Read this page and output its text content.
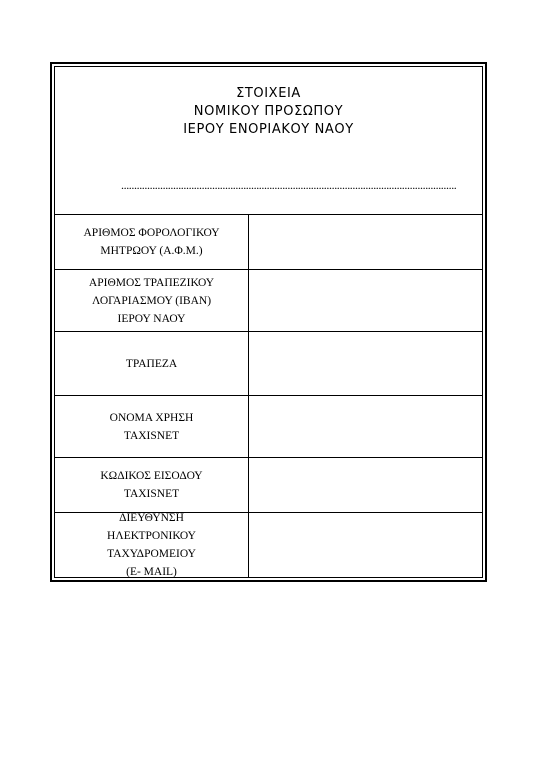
ΣΤΟΙΧΕΙΑ
ΝΟΜΙΚΟΥ ΠΡΟΣΩΠΟΥ
ΙΕΡΟΥ ΕΝΟΡΙΑΚΟΥ ΝΑΟΥ
.................................................................................................................................
ΑΡΙΘΜΟΣ ΦΟΡΟΛΟΓΙΚΟΥ
ΜΗΤΡΩΟΥ (Α.Φ.Μ.)
ΑΡΙΘΜΟΣ ΤΡΑΠΕΖΙΚΟΥ
ΛΟΓΑΡΙΑΣΜΟΥ (IBAN)
ΙΕΡΟΥ ΝΑΟΥ
ΤΡΑΠΕΖΑ
ΟΝΟΜΑ ΧΡΗΣΗ
TAXISNET
ΚΩΔΙΚΟΣ ΕΙΣΟΔΟΥ
TAXISNET
ΔΙΕΥΘΥΝΣΗ
ΗΛΕΚΤΡΟΝΙΚΟΥ
ΤΑΧΥΔΡΟΜΕΙΟΥ
(E- MAIL)
